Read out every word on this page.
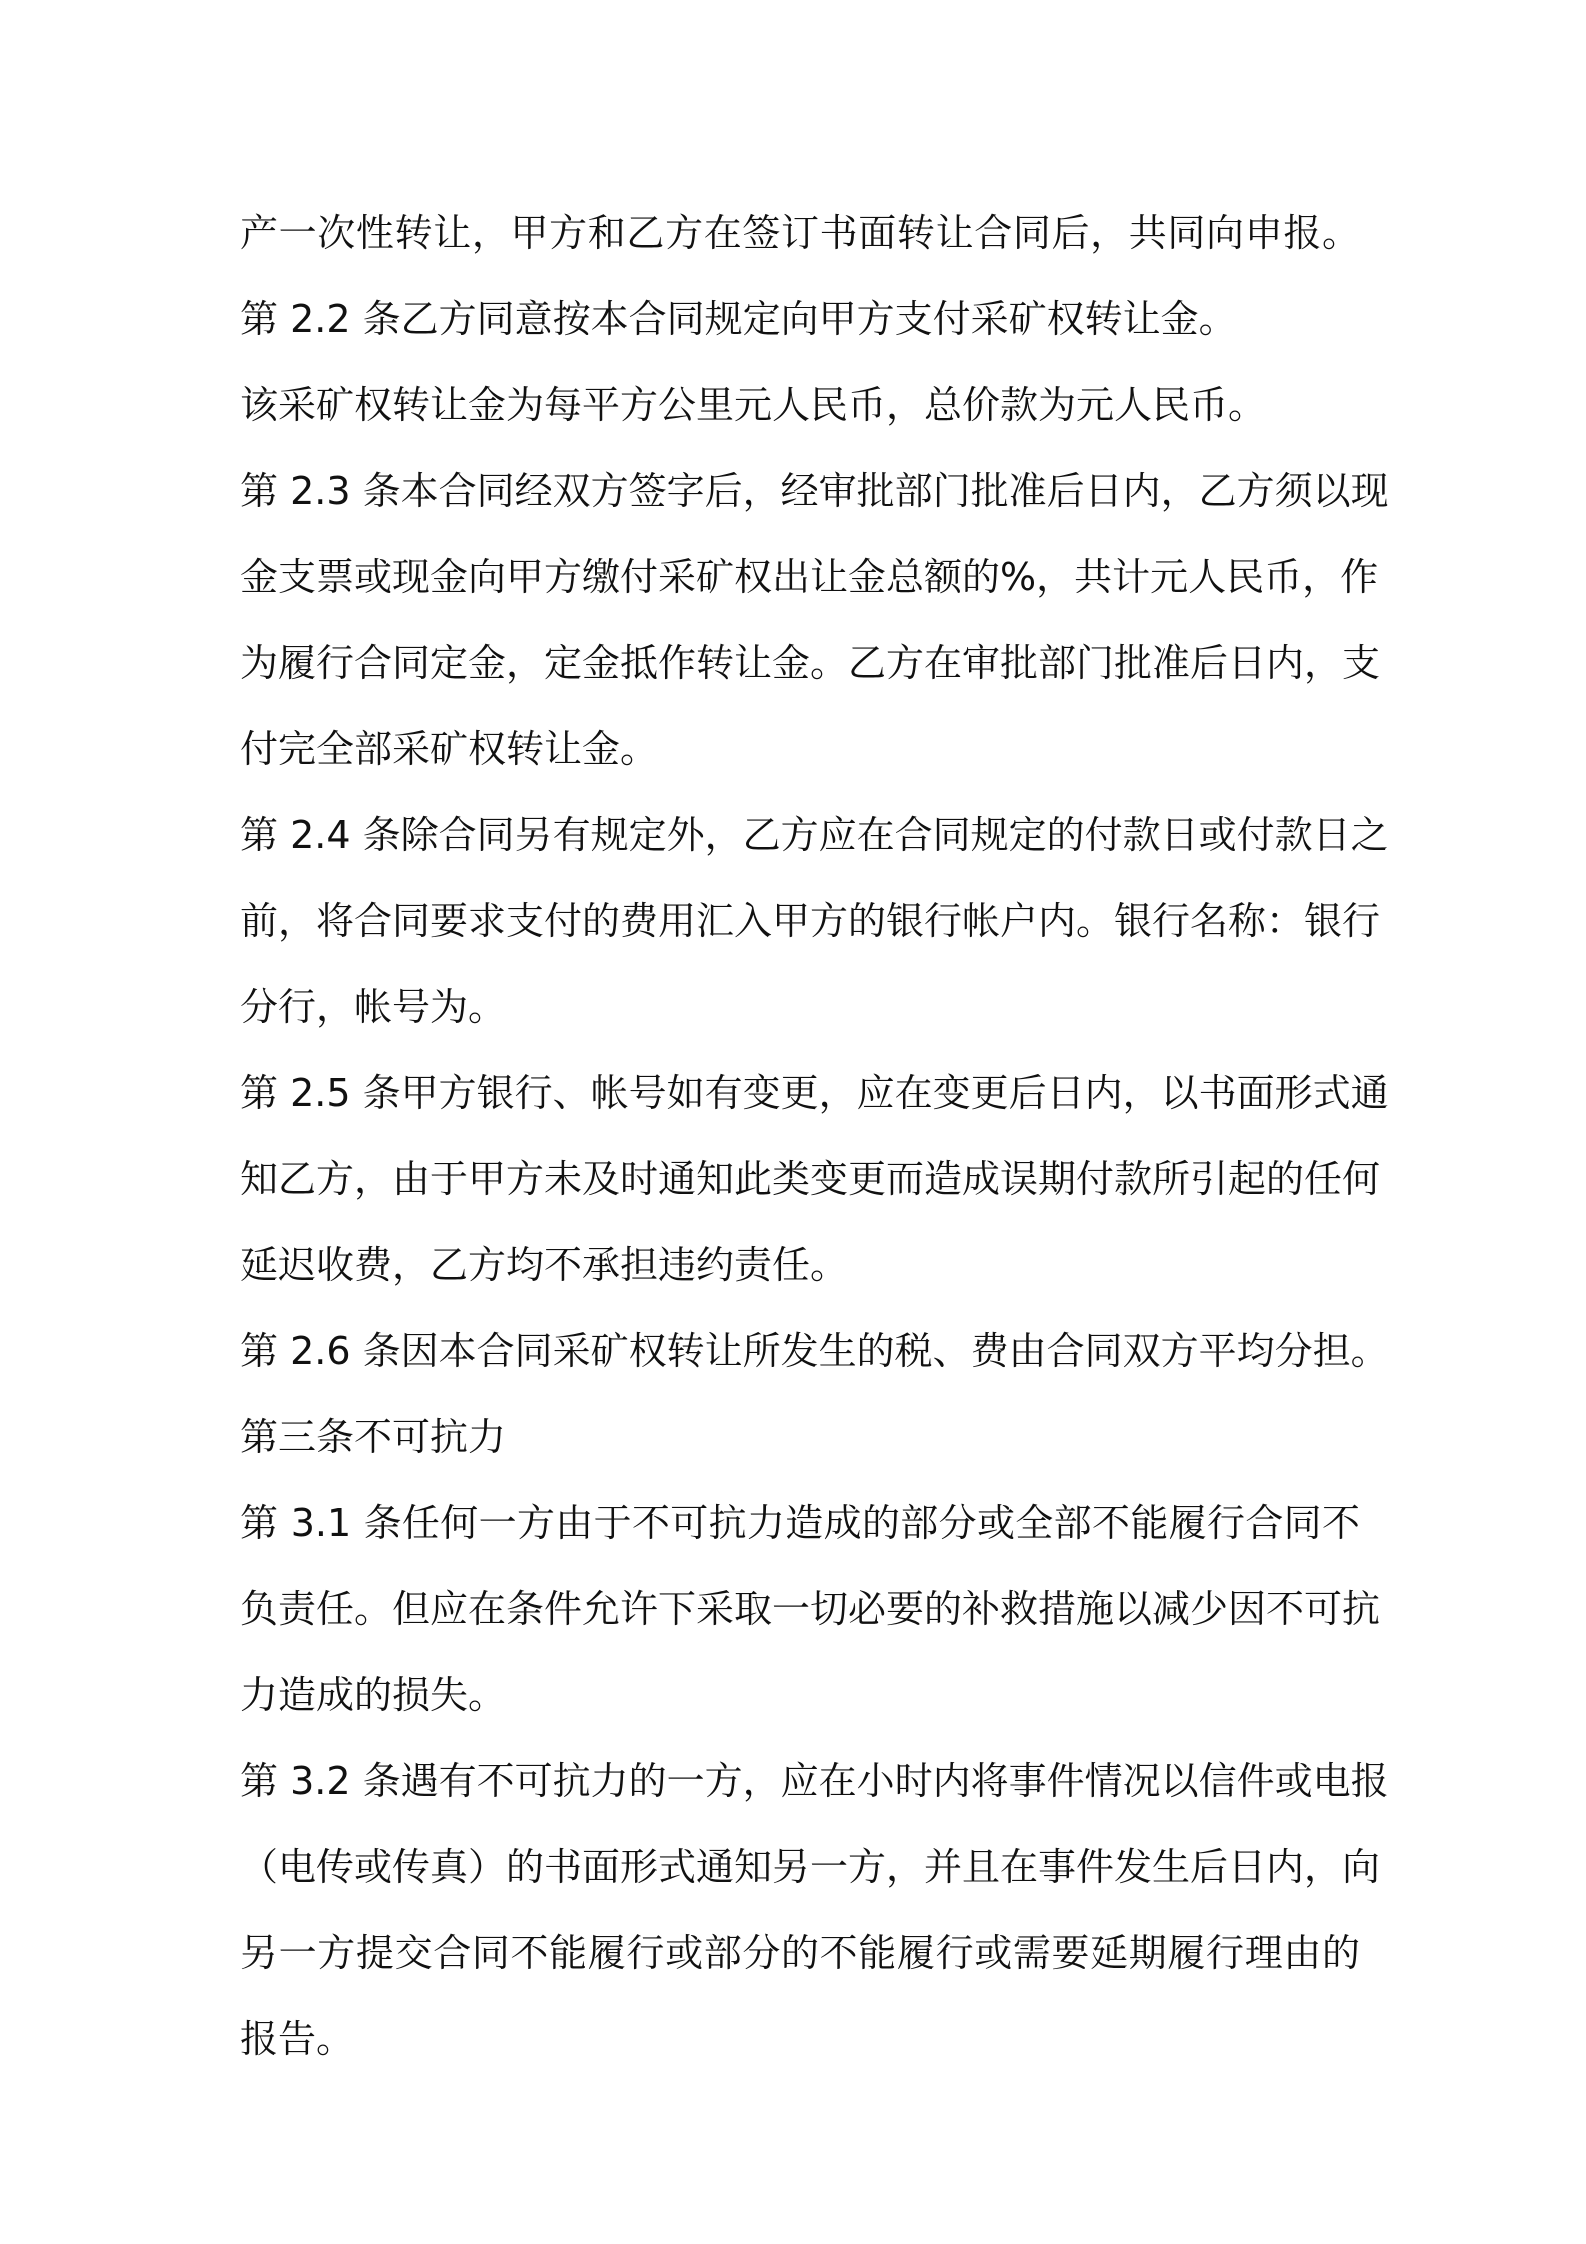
产一次性转让，甲方和乙方在签订书面转让合同后，共同向申报。

第 2.2 条乙方同意按本合同规定向甲方支付采矿权转让金。

该采矿权转让金为每平方公里元人民币，总价款为元人民币。

第 2.3 条本合同经双方签字后，经审批部门批准后日内，乙方须以现

金支票或现金向甲方缴付采矿权出让金总额的%，共计元人民币，作

为履行合同定金，定金抵作转让金。乙方在审批部门批准后日内，支

付完全部采矿权转让金。

第 2.4 条除合同另有规定外，乙方应在合同规定的付款日或付款日之

前，将合同要求支付的费用汇入甲方的银行帐户内。银行名称：银行

分行，帐号为。

第 2.5 条甲方银行、帐号如有变更，应在变更后日内，以书面形式通

知乙方，由于甲方未及时通知此类变更而造成误期付款所引起的任何

延迟收费，乙方均不承担违约责任。

第 2.6 条因本合同采矿权转让所发生的税、费由合同双方平均分担。

第三条不可抗力

第 3.1 条任何一方由于不可抗力造成的部分或全部不能履行合同不

负责任。但应在条件允许下采取一切必要的补救措施以减少因不可抗

力造成的损失。

第 3.2 条遇有不可抗力的一方，应在小时内将事件情况以信件或电报

（电传或传真）的书面形式通知另一方，并且在事件发生后日内，向

另一方提交合同不能履行或部分的不能履行或需要延期履行理由的

报告。
